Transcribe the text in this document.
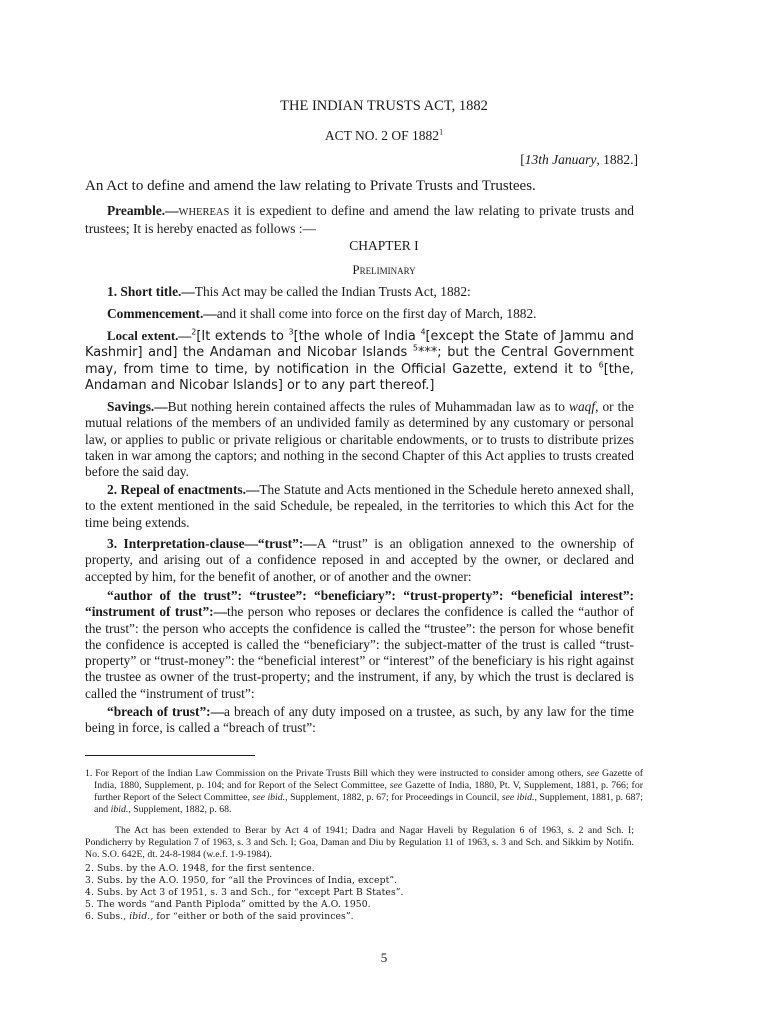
THE INDIAN TRUSTS ACT, 1882
ACT NO. 2 OF 1882$^1$
[13th January, 1882.]
An Act to define and amend the law relating to Private Trusts and Trustees.

Preamble.—WHEREAS it is expedient to define and amend the law relating to private trusts and trustees; It is hereby enacted as follows :—

CHAPTER I
Preliminary

1. Short title.—This Act may be called the Indian Trusts Act, 1882:

Commencement.—and it shall come into force on the first day of March, 1882.

Local extent.—$^2$[It extends to $^3$[the whole of India $^4$[except the State of Jammu and Kashmir] and] the Andaman and Nicobar Islands $^5$***; but the Central Government may, from time to time, by notification in the Official Gazette, extend it to $^6$[the, Andaman and Nicobar Islands] or to any part thereof.]

Savings.—But nothing herein contained affects the rules of Muhammadan law as to waqf, or the mutual relations of the members of an undivided family as determined by any customary or personal law, or applies to public or private religious or charitable endowments, or to trusts to distribute prizes taken in war among the captors; and nothing in the second Chapter of this Act applies to trusts created before the said day.

2. Repeal of enactments.—The Statute and Acts mentioned in the Schedule hereto annexed shall, to the extent mentioned in the said Schedule, be repealed, in the territories to which this Act for the time being extends.

3. Interpretation-clause—“trust”:—A “trust” is an obligation annexed to the ownership of property, and arising out of a confidence reposed in and accepted by the owner, or declared and accepted by him, for the benefit of another, or of another and the owner:

“author of the trust”: “trustee”: “beneficiary”: “trust-property”: “beneficial interest”: “instrument of trust”:—the person who reposes or declares the confidence is called the “author of the trust”: the person who accepts the confidence is called the “trustee”: the person for whose benefit the confidence is accepted is called the “beneficiary”: the subject-matter of the trust is called “trust-property” or “trust-money”: the “beneficial interest” or “interest” of the beneficiary is his right against the trustee as owner of the trust-property; and the instrument, if any, by which the trust is declared is called the “instrument of trust”:

“breach of trust”:—a breach of any duty imposed on a trustee, as such, by any law for the time being in force, is called a “breach of trust”:

1. For Report of the Indian Law Commission on the Private Trusts Bill which they were instructed to consider among others, see Gazette of India, 1880, Supplement, p. 104; and for Report of the Select Committee, see Gazette of India, 1880, Pt. V, Supplement, 1881, p. 766; for further Report of the Select Committee, see ibid., Supplement, 1882, p. 67; for Proceedings in Council, see ibid., Supplement, 1881, p. 687; and ibid., Supplement, 1882, p. 68.

The Act has been extended to Berar by Act 4 of 1941; Dadra and Nagar Haveli by Regulation 6 of 1963, s. 2 and Sch. I; Pondicherry by Regulation 7 of 1963, s. 3 and Sch. I; Goa, Daman and Diu by Regulation 11 of 1963, s. 3 and Sch. and Sikkim by Notifn. No. S.O. 642E, dt. 24-8-1984 (w.e.f. 1-9-1984).

2. Subs. by the A.O. 1948, for the first sentence.

3. Subs. by the A.O. 1950, for “all the Provinces of India, except”.

4. Subs. by Act 3 of 1951, s. 3 and Sch., for “except Part B States”.

5. The words “and Panth Piploda” omitted by the A.O. 1950.

6. Subs., ibid., for “either or both of the said provinces”.

5
